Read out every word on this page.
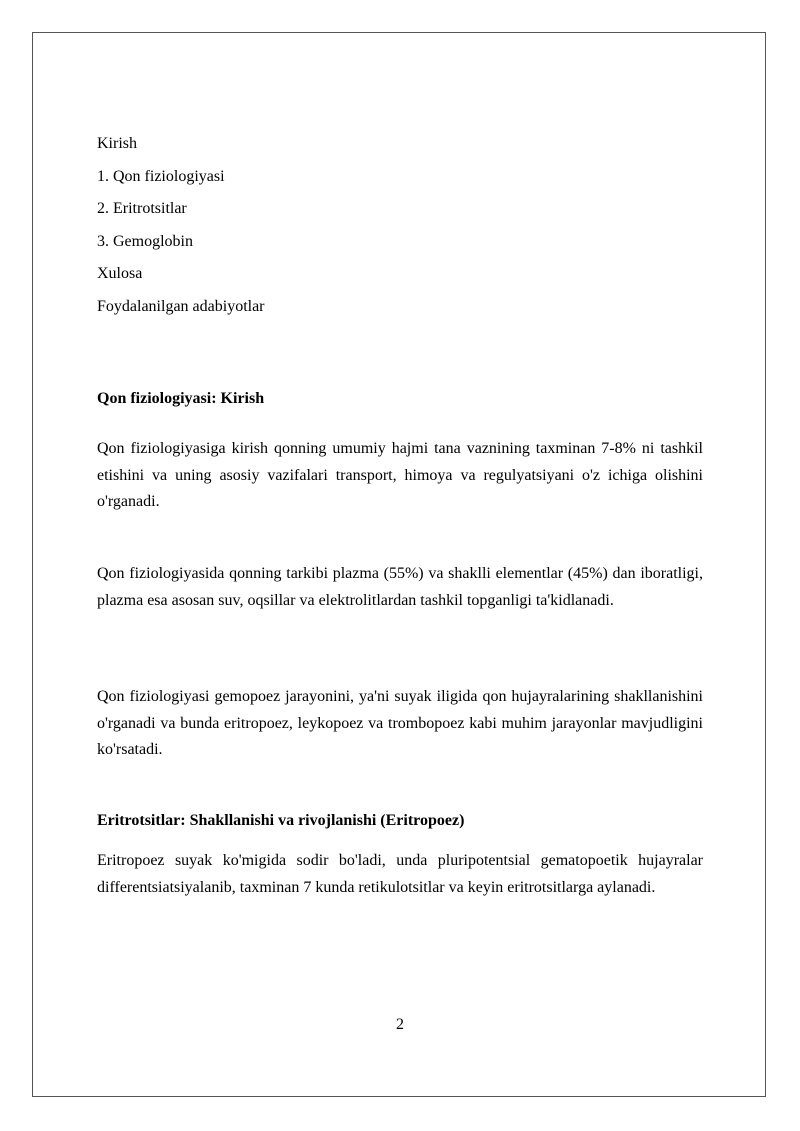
Kirish
1. Qon fiziologiyasi
2. Eritrotsitlar
3. Gemoglobin
Xulosa
Foydalanilgan adabiyotlar
Qon fiziologiyasi: Kirish
Qon fiziologiyasiga kirish qonning umumiy hajmi tana vaznining taxminan 7-8% ni tashkil etishini va uning asosiy vazifalari transport, himoya va regulyatsiyani o'z ichiga olishini o'rganadi.
Qon fiziologiyasida qonning tarkibi plazma (55%) va shaklli elementlar (45%) dan iboratligi, plazma esa asosan suv, oqsillar va elektrolitlardan tashkil topganligi ta'kidlanadi.
Qon fiziologiyasi gemopoez jarayonini, ya'ni suyak iligida qon hujayralarining shakllanishini o'rganadi va bunda eritropoez, leykopoez va trombopoez kabi muhim jarayonlar mavjudligini ko'rsatadi.
Eritrotsitlar: Shakllanishi va rivojlanishi (Eritropoez)
Eritropoez suyak ko'migida sodir bo'ladi, unda pluripotentsial gematopoetik hujayralar differentsiatsiyalanib, taxminan 7 kunda retikulotsitlar va keyin eritrotsitlarga aylanadi.
2
